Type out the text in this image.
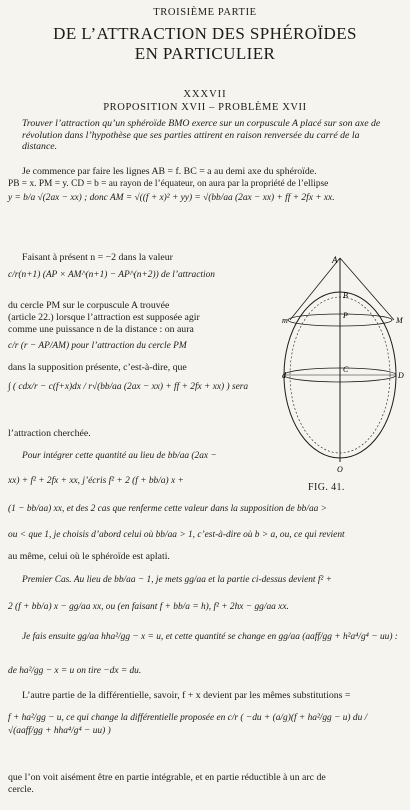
TROISIÈME PARTIE
DE L’ATTRACTION DES SPHÉROÏDES
EN PARTICULIER
XXXVII
PROPOSITION XVII – PROBLÈME XVII
Trouver l’attraction qu’un sphéroïde BMO exerce sur un corpuscule A placé sur son axe de révolution dans l’hypothèse que ses parties attirent en raison renversée du carré de la distance.
Je commence par faire les lignes AB = f. BC = a au demi axe du sphéroïde.
PB = x. PM = y. CD = b = au rayon de l’équateur, on aura par la propriété de l’ellipse
y = b/a √(2ax − xx) ; donc AM = √((f + x)² + yy) = √(bb/aa (2ax − xx) + ff + 2fx + xx.
Faisant à présent n = −2 dans la valeur
c/r(n+1) (AP × AM^(n+1) − AP^(n+2)) de l’attraction
du cercle PM sur le corpuscule A trouvée
(article 22.) lorsque l’attraction est supposée agir
comme une puissance n de la distance : on aura
c/r (r − AP/AM) pour l’attraction du cercle PM
dans la supposition présente, c’est-à-dire, que
∫ ( cdx/r − c(f+x)dx / r√(bb/aa (2ax − xx) + ff + 2fx + xx) ) sera
l’attraction cherchée.
Pour intégrer cette quantité au lieu de bb/aa (2ax −
xx) + f² + 2fx + xx, j’écris f² + 2 (f + bb/a) x +
(1 − bb/aa) xx, et des 2 cas que renferme cette valeur dans la supposition de bb/aa >
ou < que 1, je choisis d’abord celui où bb/aa > 1, c’est-à-dire où b > a, ou, ce qui revient
au même, celui où le sphéroïde est aplati.
Premier Cas. Au lieu de bb/aa − 1, je mets gg/aa et la partie ci-dessus devient f² +
2 (f + bb/a) x − gg/aa xx, ou (en faisant f + bb/a = h), f² + 2hx − gg/aa xx.
Je fais ensuite gg/aa hha²/gg − x = u, et cette quantité se change en gg/aa (aaff/gg + h²a⁴/g⁴ − uu) :
de ha²/gg − x = u on tire −dx = du.
L’autre partie de la différentielle, savoir, f + x devient par les mêmes substitutions =
f + ha²/gg − u, ce qui change la différentielle proposée en c/r ( −du + (a/g)(f + ha²/gg − u) du / √(aaff/gg + hha⁴/g⁴ − uu) )
que l’on voit aisément être en partie intégrable, et en partie réductible à un arc de
cercle.
A
B
P
M
m
C
D
d
O
FIG. 41.
